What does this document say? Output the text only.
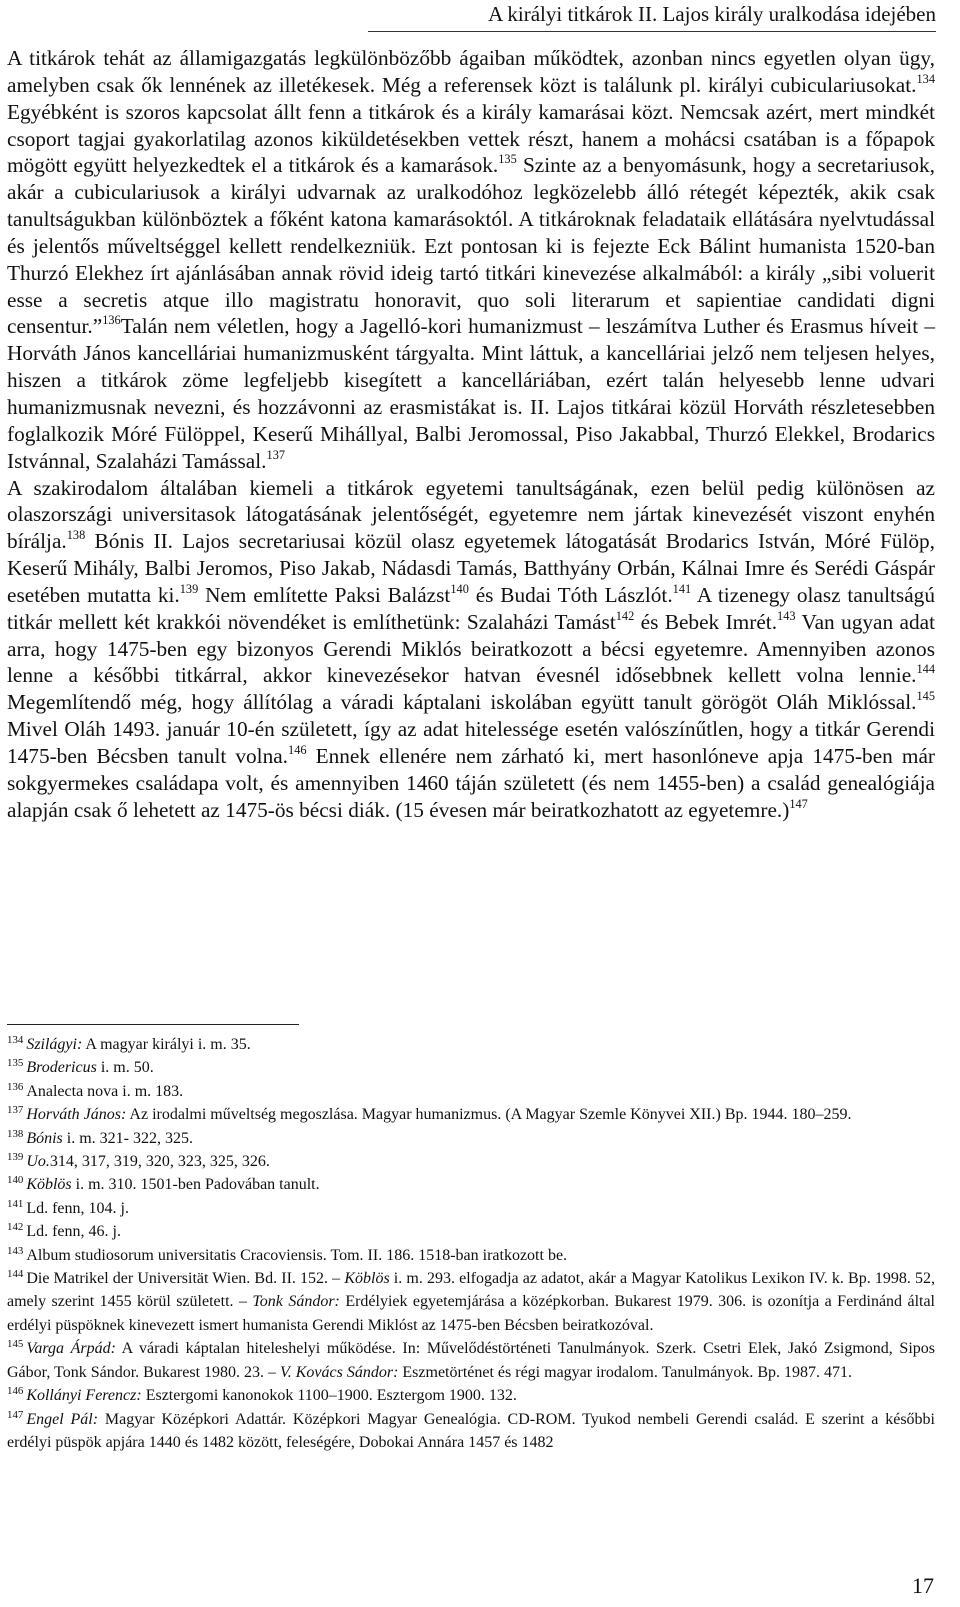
A királyi titkárok II. Lajos király uralkodása idejében

A titkárok tehát az államigazgatás legkülönbözőbb ágaiban működtek, azonban nincs egyetlen olyan ügy, amelyben csak ők lennének az illetékesek. Még a referensek közt is találunk pl. királyi cubiculariusokat.$^{134}$ Egyébként is szoros kapcsolat állt fenn a titkárok és a király kamarásai közt. Nemcsak azért, mert mindkét csoport tagjai gyakorlatilag azonos kiküldetésekben vettek részt, hanem a mohácsi csatában is a főpapok mögött együtt helyezkedtek el a titkárok és a kamarások.$^{135}$ Szinte az a benyomásunk, hogy a secretariusok, akár a cubiculariusok a királyi udvarnak az uralkodóhoz legközelebb álló rétegét képezték, akik csak tanultságukban különböztek a főként katona kamarásoktól. A titkároknak feladataik ellátására nyelvtudással és jelentős műveltséggel kellett rendelkezniük. Ezt pontosan ki is fejezte Eck Bálint humanista 1520-ban Thurzó Elekhez írt ajánlásában annak rövid ideig tartó titkári kinevezése alkalmából: a király „sibi voluerit esse a secretis atque illo magistratu honoravit, quo soli literarum et sapientiae candidati digni censentur.”$^{136}$Talán nem véletlen, hogy a Jagelló-kori humanizmust – leszámítva Luther és Erasmus híveit – Horváth János kancelláriai humanizmusként tárgyalta. Mint láttuk, a kancelláriai jelző nem teljesen helyes, hiszen a titkárok zöme legfeljebb kisegített a kancelláriában, ezért talán helyesebb lenne udvari humanizmusnak nevezni, és hozzávonni az erasmistákat is. II. Lajos titkárai közül Horváth részletesebben foglalkozik Móré Fülöppel, Keserű Mihállyal, Balbi Jeromossal, Piso Jakabbal, Thurzó Elekkel, Brodarics Istvánnal, Szalaházi Tamással.$^{137}$

A szakirodalom általában kiemeli a titkárok egyetemi tanultságának, ezen belül pedig különösen az olaszországi universitasok látogatásának jelentőségét, egyetemre nem jártak kinevezését viszont enyhén bírálja.$^{138}$ Bónis II. Lajos secretariusai közül olasz egyetemek látogatását Brodarics István, Móré Fülöp, Keserű Mihály, Balbi Jeromos, Piso Jakab, Nádasdi Tamás, Batthyány Orbán, Kálnai Imre és Serédi Gáspár esetében mutatta ki.$^{139}$ Nem említette Paksi Balázst$^{140}$ és Budai Tóth Lászlót.$^{141}$ A tizenegy olasz tanultságú titkár mellett két krakkói növendéket is említhetünk: Szalaházi Tamást$^{142}$ és Bebek Imrét.$^{143}$ Van ugyan adat arra, hogy 1475-ben egy bizonyos Gerendi Miklós beiratkozott a bécsi egyetemre. Amennyiben azonos lenne a későbbi titkárral, akkor kinevezésekor hatvan évesnél idősebbnek kellett volna lennie.$^{144}$ Megemlítendő még, hogy állítólag a váradi káptalani iskolában együtt tanult görögöt Oláh Miklóssal.$^{145}$ Mivel Oláh 1493. január 10-én született, így az adat hitelessége esetén valószínűtlen, hogy a titkár Gerendi 1475-ben Bécsben tanult volna.$^{146}$ Ennek ellenére nem zárható ki, mert hasonlóneve apja 1475-ben már sokgyermekes családapa volt, és amennyiben 1460 táján született (és nem 1455-ben) a család genealógiája alapján csak ő lehetett az 1475-ös bécsi diák. (15 évesen már beiratkozhatott az egyetemre.)$^{147}$

$^{134}$ Szilágyi: A magyar királyi i. m. 35.

$^{135}$ Brodericus i. m. 50.

$^{136}$ Analecta nova i. m. 183.

$^{137}$ Horváth János: Az irodalmi műveltség megoszlása. Magyar humanizmus. (A Magyar Szemle Könyvei XII.) Bp. 1944. 180–259.

$^{138}$ Bónis i. m. 321- 322, 325.

$^{139}$ Uo.314, 317, 319, 320, 323, 325, 326.

$^{140}$ Köblös i. m. 310. 1501-ben Padovában tanult.

$^{141}$ Ld. fenn, 104. j.

$^{142}$ Ld. fenn, 46. j.

$^{143}$ Album studiosorum universitatis Cracoviensis. Tom. II. 186. 1518-ban iratkozott be.

$^{144}$ Die Matrikel der Universität Wien. Bd. II. 152. – Köblös i. m. 293. elfogadja az adatot, akár a Magyar Katolikus Lexikon IV. k. Bp. 1998. 52, amely szerint 1455 körül született. – Tonk Sándor: Erdélyiek egyetemjárása a középkorban. Bukarest 1979. 306. is ozonítja a Ferdinánd által erdélyi püspöknek kinevezett ismert humanista Gerendi Miklóst az 1475-ben Bécsben beiratkozóval.

$^{145}$ Varga Árpád: A váradi káptalan hiteleshelyi működése. In: Művelődéstörténeti Tanulmányok. Szerk. Csetri Elek, Jakó Zsigmond, Sipos Gábor, Tonk Sándor. Bukarest 1980. 23. – V. Kovács Sándor: Eszmetörténet és régi magyar irodalom. Tanulmányok. Bp. 1987. 471.

$^{146}$ Kollányi Ferencz: Esztergomi kanonokok 1100–1900. Esztergom 1900. 132.

$^{147}$ Engel Pál: Magyar Középkori Adattár. Középkori Magyar Genealógia. CD-ROM. Tyukod nembeli Gerendi család. E szerint a későbbi erdélyi püspök apjára 1440 és 1482 között, feleségére, Dobokai Annára 1457 és 1482

17
